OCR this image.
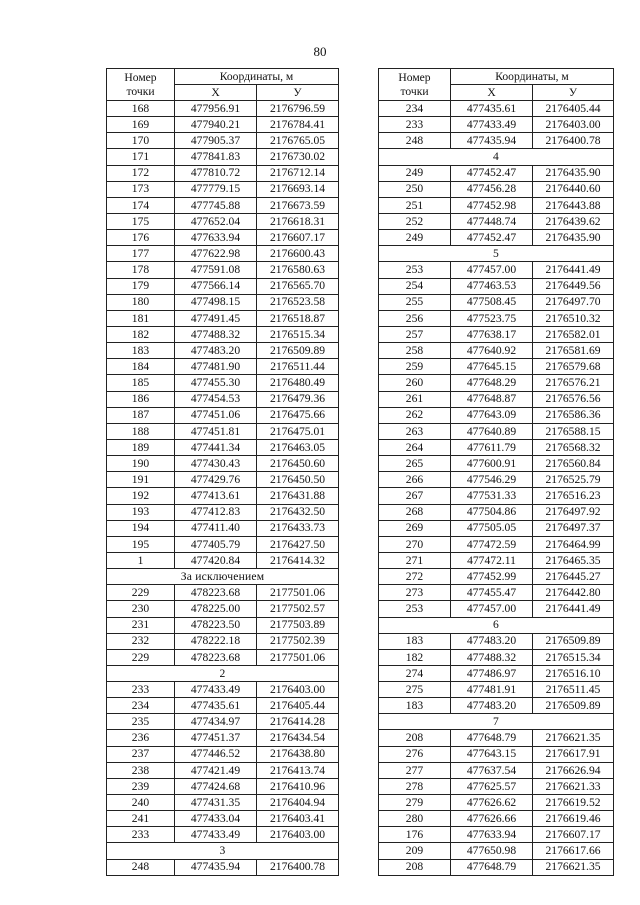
80
Номер
точки	Координаты, м	
	X	У
168	477956.91	2176796.59
169	477940.21	2176784.41
170	477905.37	2176765.05
171	477841.83	2176730.02
172	477810.72	2176712.14
173	477779.15	2176693.14
174	477745.88	2176673.59
175	477652.04	2176618.31
176	477633.94	2176607.17
177	477622.98	2176600.43
178	477591.08	2176580.63
179	477566.14	2176565.70
180	477498.15	2176523.58
181	477491.45	2176518.87
182	477488.32	2176515.34
183	477483.20	2176509.89
184	477481.90	2176511.44
185	477455.30	2176480.49
186	477454.53	2176479.36
187	477451.06	2176475.66
188	477451.81	2176475.01
189	477441.34	2176463.05
190	477430.43	2176450.60
191	477429.76	2176450.50
192	477413.61	2176431.88
193	477412.83	2176432.50
194	477411.40	2176433.73
195	477405.79	2176427.50
1	477420.84	2176414.32
За исключением		
229	478223.68	2177501.06
230	478225.00	2177502.57
231	478223.50	2177503.89
232	478222.18	2177502.39
229	478223.68	2177501.06
2		
233	477433.49	2176403.00
234	477435.61	2176405.44
235	477434.97	2176414.28
236	477451.37	2176434.54
237	477446.52	2176438.80
238	477421.49	2176413.74
239	477424.68	2176410.96
240	477431.35	2176404.94
241	477433.04	2176403.41
233	477433.49	2176403.00
3		
248	477435.94	2176400.78
Номер
точки	Координаты, м	
	X	У
234	477435.61	2176405.44
233	477433.49	2176403.00
248	477435.94	2176400.78
4		
249	477452.47	2176435.90
250	477456.28	2176440.60
251	477452.98	2176443.88
252	477448.74	2176439.62
249	477452.47	2176435.90
5		
253	477457.00	2176441.49
254	477463.53	2176449.56
255	477508.45	2176497.70
256	477523.75	2176510.32
257	477638.17	2176582.01
258	477640.92	2176581.69
259	477645.15	2176579.68
260	477648.29	2176576.21
261	477648.87	2176576.56
262	477643.09	2176586.36
263	477640.89	2176588.15
264	477611.79	2176568.32
265	477600.91	2176560.84
266	477546.29	2176525.79
267	477531.33	2176516.23
268	477504.86	2176497.92
269	477505.05	2176497.37
270	477472.59	2176464.99
271	477472.11	2176465.35
272	477452.99	2176445.27
273	477455.47	2176442.80
253	477457.00	2176441.49
6		
183	477483.20	2176509.89
182	477488.32	2176515.34
274	477486.97	2176516.10
275	477481.91	2176511.45
183	477483.20	2176509.89
7		
208	477648.79	2176621.35
276	477643.15	2176617.91
277	477637.54	2176626.94
278	477625.57	2176621.33
279	477626.62	2176619.52
280	477626.66	2176619.46
176	477633.94	2176607.17
209	477650.98	2176617.66
208	477648.79	2176621.35
